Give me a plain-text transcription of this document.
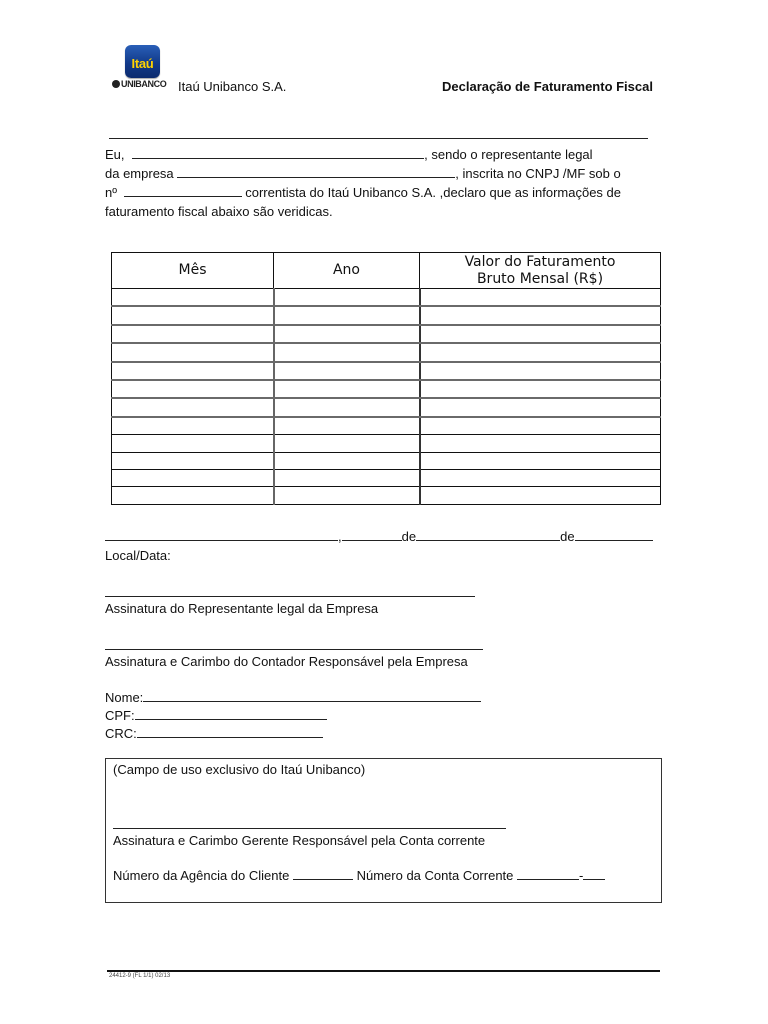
Itaú
UNIBANCO Itaú Unibanco S.A.	Declaração de Faturamento Fiscal
Eu,	, sendo o representante legal
da empresa	, inscrita no CNPJ /MF sob o
nº	correntista do Itaú Unibanco S.A. ,declaro que as informações de
faturamento fiscal abaixo são veridicas.
Mês	Ano	Valor do Faturamento
Bruto Mensal (R$)

,	de	de
Local/Data:
Assinatura do Representante legal da Empresa
Assinatura e Carimbo do Contador Responsável pela Empresa
Nome:
CPF:
CRC:
(Campo de uso exclusivo do Itaú Unibanco)
Assinatura e Carimbo Gerente Responsável pela Conta corrente
Número da Agência do Cliente	Número da Conta Corrente	-
24412-9 (FL 1/1) 02/13
